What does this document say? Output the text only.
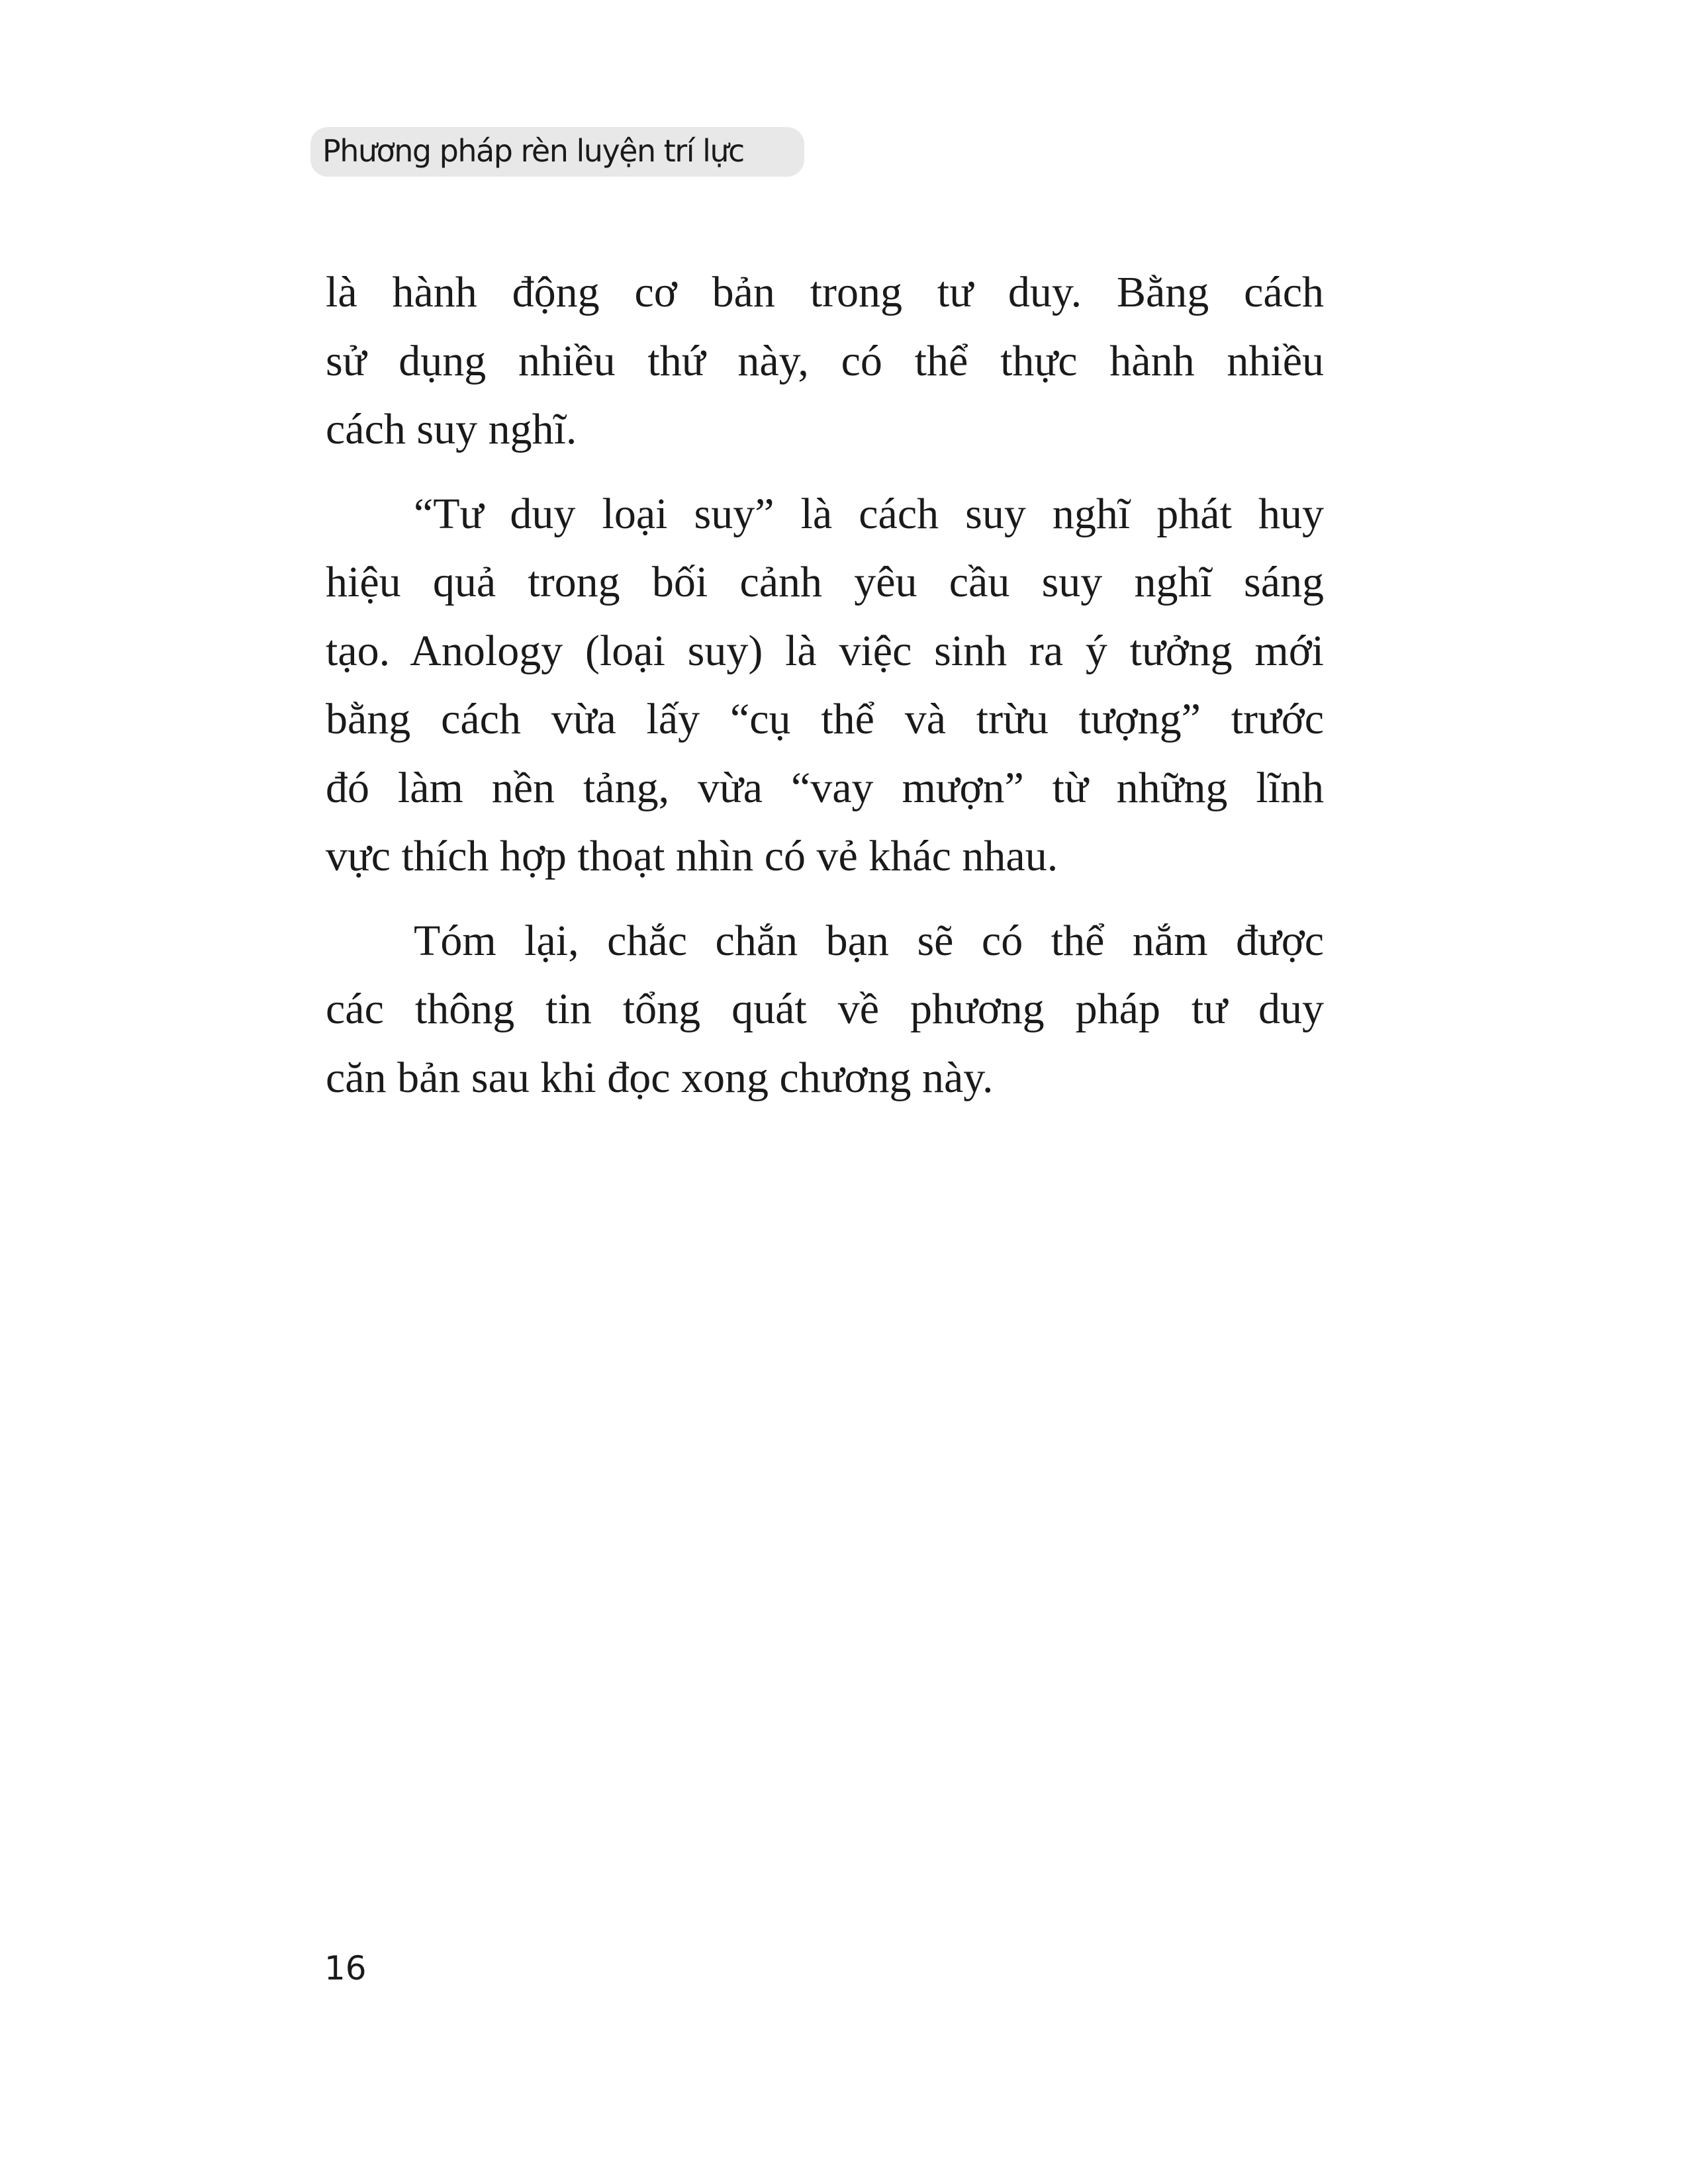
Phương pháp rèn luyện trí lực

là hành động cơ bản trong tư duy. Bằng cách
sử dụng nhiều thứ này, có thể thực hành nhiều
cách suy nghĩ.

“Tư duy loại suy” là cách suy nghĩ phát huy
hiệu quả trong bối cảnh yêu cầu suy nghĩ sáng
tạo. Anology (loại suy) là việc sinh ra ý tưởng mới
bằng cách vừa lấy “cụ thể và trừu tượng” trước
đó làm nền tảng, vừa “vay mượn” từ những lĩnh
vực thích hợp thoạt nhìn có vẻ khác nhau.

Tóm lại, chắc chắn bạn sẽ có thể nắm được
các thông tin tổng quát về phương pháp tư duy
căn bản sau khi đọc xong chương này.

16
